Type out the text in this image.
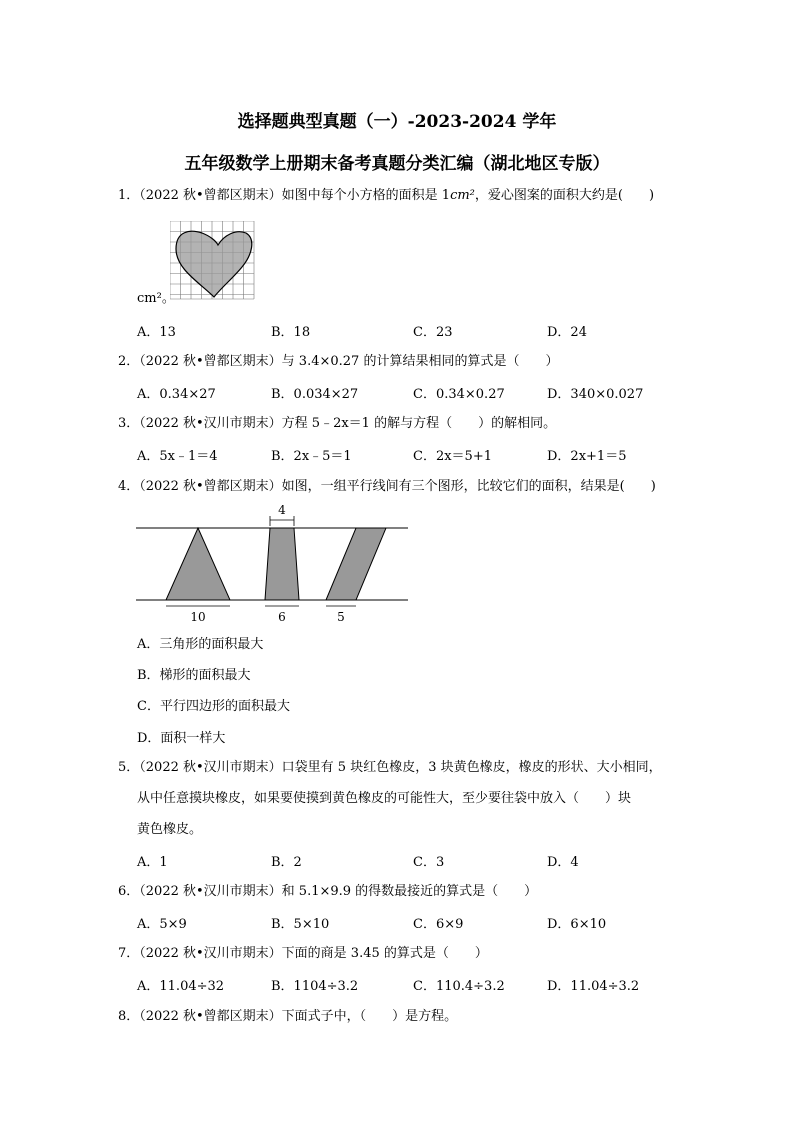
选择题典型真题（一）-2023-2024 学年
五年级数学上册期末备考真题分类汇编（湖北地区专版）
1．（2022 秋•曾都区期末）如图中每个小方格的面积是 1cm²，爱心图案的面积大约是(　　)
cm²。
A．13	B．18	C．23	D．24
2．（2022 秋•曾都区期末）与 3.4×0.27 的计算结果相同的算式是（　　）
A．0.34×27	B．0.034×27	C．0.34×0.27	D．340×0.027
3．（2022 秋•汉川市期末）方程 5﹣2x＝1 的解与方程（　　）的解相同。
A．5x﹣1＝4	B．2x﹣5＝1	C．2x＝5+1	D．2x+1＝5
4．（2022 秋•曾都区期末）如图，一组平行线间有三个图形，比较它们的面积，结果是(　　)
4
10	6	5
A．三角形的面积最大
B．梯形的面积最大
C．平行四边形的面积最大
D．面积一样大
5．（2022 秋•汉川市期末）口袋里有 5 块红色橡皮，3 块黄色橡皮，橡皮的形状、大小相同，
从中任意摸块橡皮，如果要使摸到黄色橡皮的可能性大，至少要往袋中放入（　　）块
黄色橡皮。
A．1	B．2	C．3	D．4
6．（2022 秋•汉川市期末）和 5.1×9.9 的得数最接近的算式是（　　）
A．5×9	B．5×10	C．6×9	D．6×10
7．（2022 秋•汉川市期末）下面的商是 3.45 的算式是（　　）
A．11.04÷32	B．1104÷3.2	C．110.4÷3.2	D．11.04÷3.2
8．（2022 秋•曾都区期末）下面式子中，（　　）是方程。
